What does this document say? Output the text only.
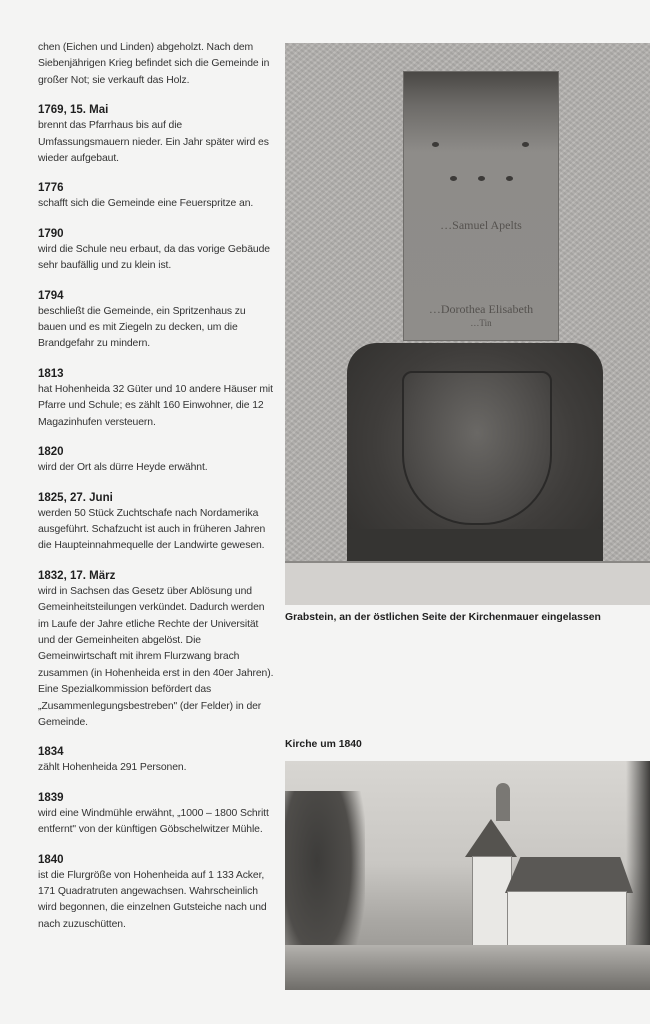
chen (Eichen und Linden) abgeholzt. Nach dem Siebenjährigen Krieg befindet sich die Gemeinde in großer Not; sie verkauft das Holz.

1769, 15. Mai

brennt das Pfarrhaus bis auf die Umfassungsmauern nieder. Ein Jahr später wird es wieder aufgebaut.

1776

schafft sich die Gemeinde eine Feuerspritze an.

1790

wird die Schule neu erbaut, da das vorige Gebäude sehr baufällig und zu klein ist.

1794

beschließt die Gemeinde, ein Spritzenhaus zu bauen und es mit Ziegeln zu decken, um die Brandgefahr zu mindern.

1813

hat Hohenheida 32 Güter und 10 andere Häuser mit Pfarre und Schule; es zählt 160 Einwohner, die 12 Magazinhufen versteuern.

1820

wird der Ort als dürre Heyde erwähnt.

1825, 27. Juni

werden 50 Stück Zuchtschafe nach Nordamerika ausgeführt. Schafzucht ist auch in früheren Jahren die Haupteinnahmequelle der Landwirte gewesen.

1832, 17. März

wird in Sachsen das Gesetz über Ablösung und Gemeinheitsteilungen verkündet. Dadurch werden im Laufe der Jahre etliche Rechte der Universität und der Gemeinheiten abgelöst. Die Gemeinwirtschaft mit ihrem Flurzwang brach zusammen (in Hohenheida erst in den 40er Jahren). Eine Spezialkommission befördert das „Zusammenlegungsbestreben" (der Felder) in der Gemeinde.

1834

zählt Hohenheida 291 Personen.

1839

wird eine Windmühle erwähnt, „1000 – 1800 Schritt entfernt" von der künftigen Göbschelwitzer Mühle.

1840

ist die Flurgröße von Hohenheida auf 1 133 Acker, 171 Quadratruten angewachsen. Wahrscheinlich wird begonnen, die einzelnen Gutsteiche nach und nach zuzuschütten.

…Samuel Apelts
…Dorothea Elisabeth
…Tin

Grabstein, an der östlichen Seite der Kirchenmauer eingelassen

Kirche um 1840
